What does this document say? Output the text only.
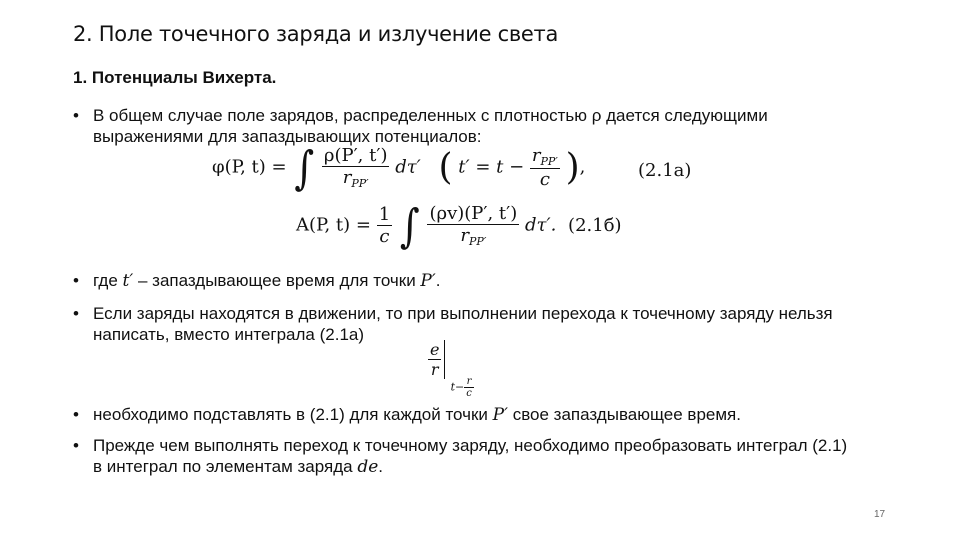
2. Поле точечного заряда и излучение света
1. Потенциалы Вихерта.
• В общем случае поле зарядов, распределенных с плотностью ρ дается следующими выражениями для запаздывающих потенциалов:
φ(P, t) = ∫ $\frac{\rho(P', t')}{r_{PP'}} d\tau'$ ( $t' = t - \frac{r_{PP'}}{c}$ ),	(2.1а)
A(P, $t) = \frac{1}{c}$ ∫ $\frac{(\rho v)(P', t')}{r_{PP'}} d\tau'$. (2.1б)
• где t′ – запаздывающее время для точки P′.
• Если заряды находятся в движении, то при выполнении перехода к точечному заряду нельзя написать, вместо интеграла (2.1а)
$\frac{e}{r}$
$t- \frac{r}{c}$
• необходимо подставлять в (2.1) для каждой точки P′ свое запаздывающее время.
• Прежде чем выполнять переход к точечному заряду, необходимо преобразовать интеграл (2.1) в интеграл по элементам заряда de.
17
